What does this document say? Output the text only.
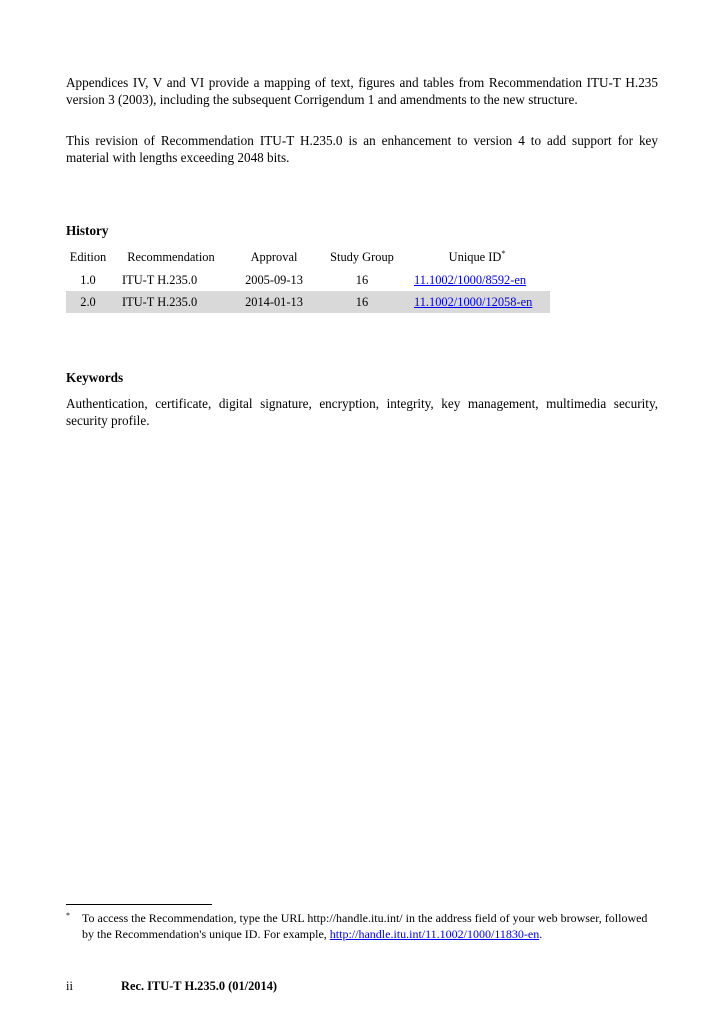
Appendices IV, V and VI provide a mapping of text, figures and tables from Recommendation ITU-T H.235 version 3 (2003), including the subsequent Corrigendum 1 and amendments to the new structure.

This revision of Recommendation ITU-T H.235.0 is an enhancement to version 4 to add support for key material with lengths exceeding 2048 bits.

History
Edition	Recommendation	Approval	Study Group	Unique ID*
1.0	ITU-T H.235.0	2005-09-13	16	11.1002/1000/8592-en
2.0	ITU-T H.235.0	2014-01-13	16	11.1002/1000/12058-en
Keywords

Authentication, certificate, digital signature, encryption, integrity, key management, multimedia security, security profile.

*	To access the Recommendation, type the URL http://handle.itu.int/ in the address field of your web browser, followed by the Recommendation's unique ID. For example, http://handle.itu.int/11.1002/1000/11830-en.
ii	Rec. ITU-T H.235.0 (01/2014)
